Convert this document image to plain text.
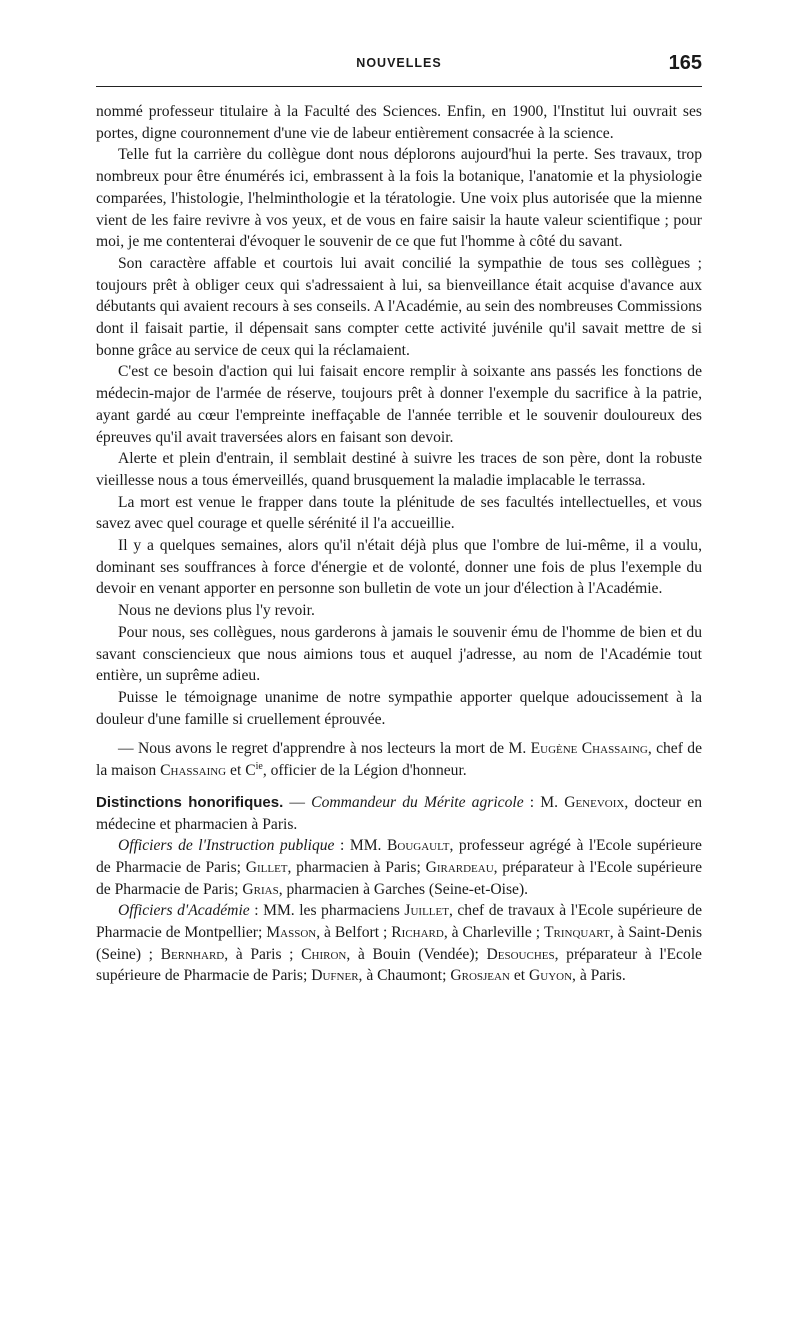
NOUVELLES	165

nommé professeur titulaire à la Faculté des Sciences. Enfin, en 1900, l'Institut lui ouvrait ses portes, digne couronnement d'une vie de labeur entièrement consacrée à la science.

Telle fut la carrière du collègue dont nous déplorons aujourd'hui la perte. Ses travaux, trop nombreux pour être énumérés ici, embrassent à la fois la botanique, l'anatomie et la physiologie comparées, l'histologie, l'helminthologie et la tératologie. Une voix plus autorisée que la mienne vient de les faire revivre à vos yeux, et de vous en faire saisir la haute valeur scientifique ; pour moi, je me contenterai d'évoquer le souvenir de ce que fut l'homme à côté du savant.

Son caractère affable et courtois lui avait concilié la sympathie de tous ses collègues ; toujours prêt à obliger ceux qui s'adressaient à lui, sa bienveillance était acquise d'avance aux débutants qui avaient recours à ses conseils. A l'Académie, au sein des nombreuses Commissions dont il faisait partie, il dépensait sans compter cette activité juvénile qu'il savait mettre de si bonne grâce au service de ceux qui la réclamaient.

C'est ce besoin d'action qui lui faisait encore remplir à soixante ans passés les fonctions de médecin-major de l'armée de réserve, toujours prêt à donner l'exemple du sacrifice à la patrie, ayant gardé au cœur l'empreinte ineffaçable de l'année terrible et le souvenir douloureux des épreuves qu'il avait traversées alors en faisant son devoir.

Alerte et plein d'entrain, il semblait destiné à suivre les traces de son père, dont la robuste vieillesse nous a tous émerveillés, quand brusquement la maladie implacable le terrassa.

La mort est venue le frapper dans toute la plénitude de ses facultés intellectuelles, et vous savez avec quel courage et quelle sérénité il l'a accueillie.

Il y a quelques semaines, alors qu'il n'était déjà plus que l'ombre de lui-même, il a voulu, dominant ses souffrances à force d'énergie et de volonté, donner une fois de plus l'exemple du devoir en venant apporter en personne son bulletin de vote un jour d'élection à l'Académie.

Nous ne devions plus l'y revoir.

Pour nous, ses collègues, nous garderons à jamais le souvenir ému de l'homme de bien et du savant consciencieux que nous aimions tous et auquel j'adresse, au nom de l'Académie tout entière, un suprême adieu.

Puisse le témoignage unanime de notre sympathie apporter quelque adoucissement à la douleur d'une famille si cruellement éprouvée.

— Nous avons le regret d'apprendre à nos lecteurs la mort de M. Eugène Chassaing, chef de la maison Chassaing et $C^{ie}$, officier de la Légion d'honneur.

Distinctions honorifiques. — Commandeur du Mérite agricole : M. Genevoix, docteur en médecine et pharmacien à Paris.

Officiers de l'Instruction publique : MM. Bougault, professeur agrégé à l'Ecole supérieure de Pharmacie de Paris; Gillet, pharmacien à Paris; Girardeau, préparateur à l'Ecole supérieure de Pharmacie de Paris; Grias, pharmacien à Garches (Seine-et-Oise).

Officiers d'Académie : MM. les pharmaciens Juillet, chef de travaux à l'Ecole supérieure de Pharmacie de Montpellier; Masson, à Belfort ; Richard, à Charleville ; Trinquart, à Saint-Denis (Seine) ; Bernhard, à Paris ; Chiron, à Bouin (Vendée); Desouches, préparateur à l'Ecole supérieure de Pharmacie de Paris; Dufner, à Chaumont; Grosjean et Guyon, à Paris.
